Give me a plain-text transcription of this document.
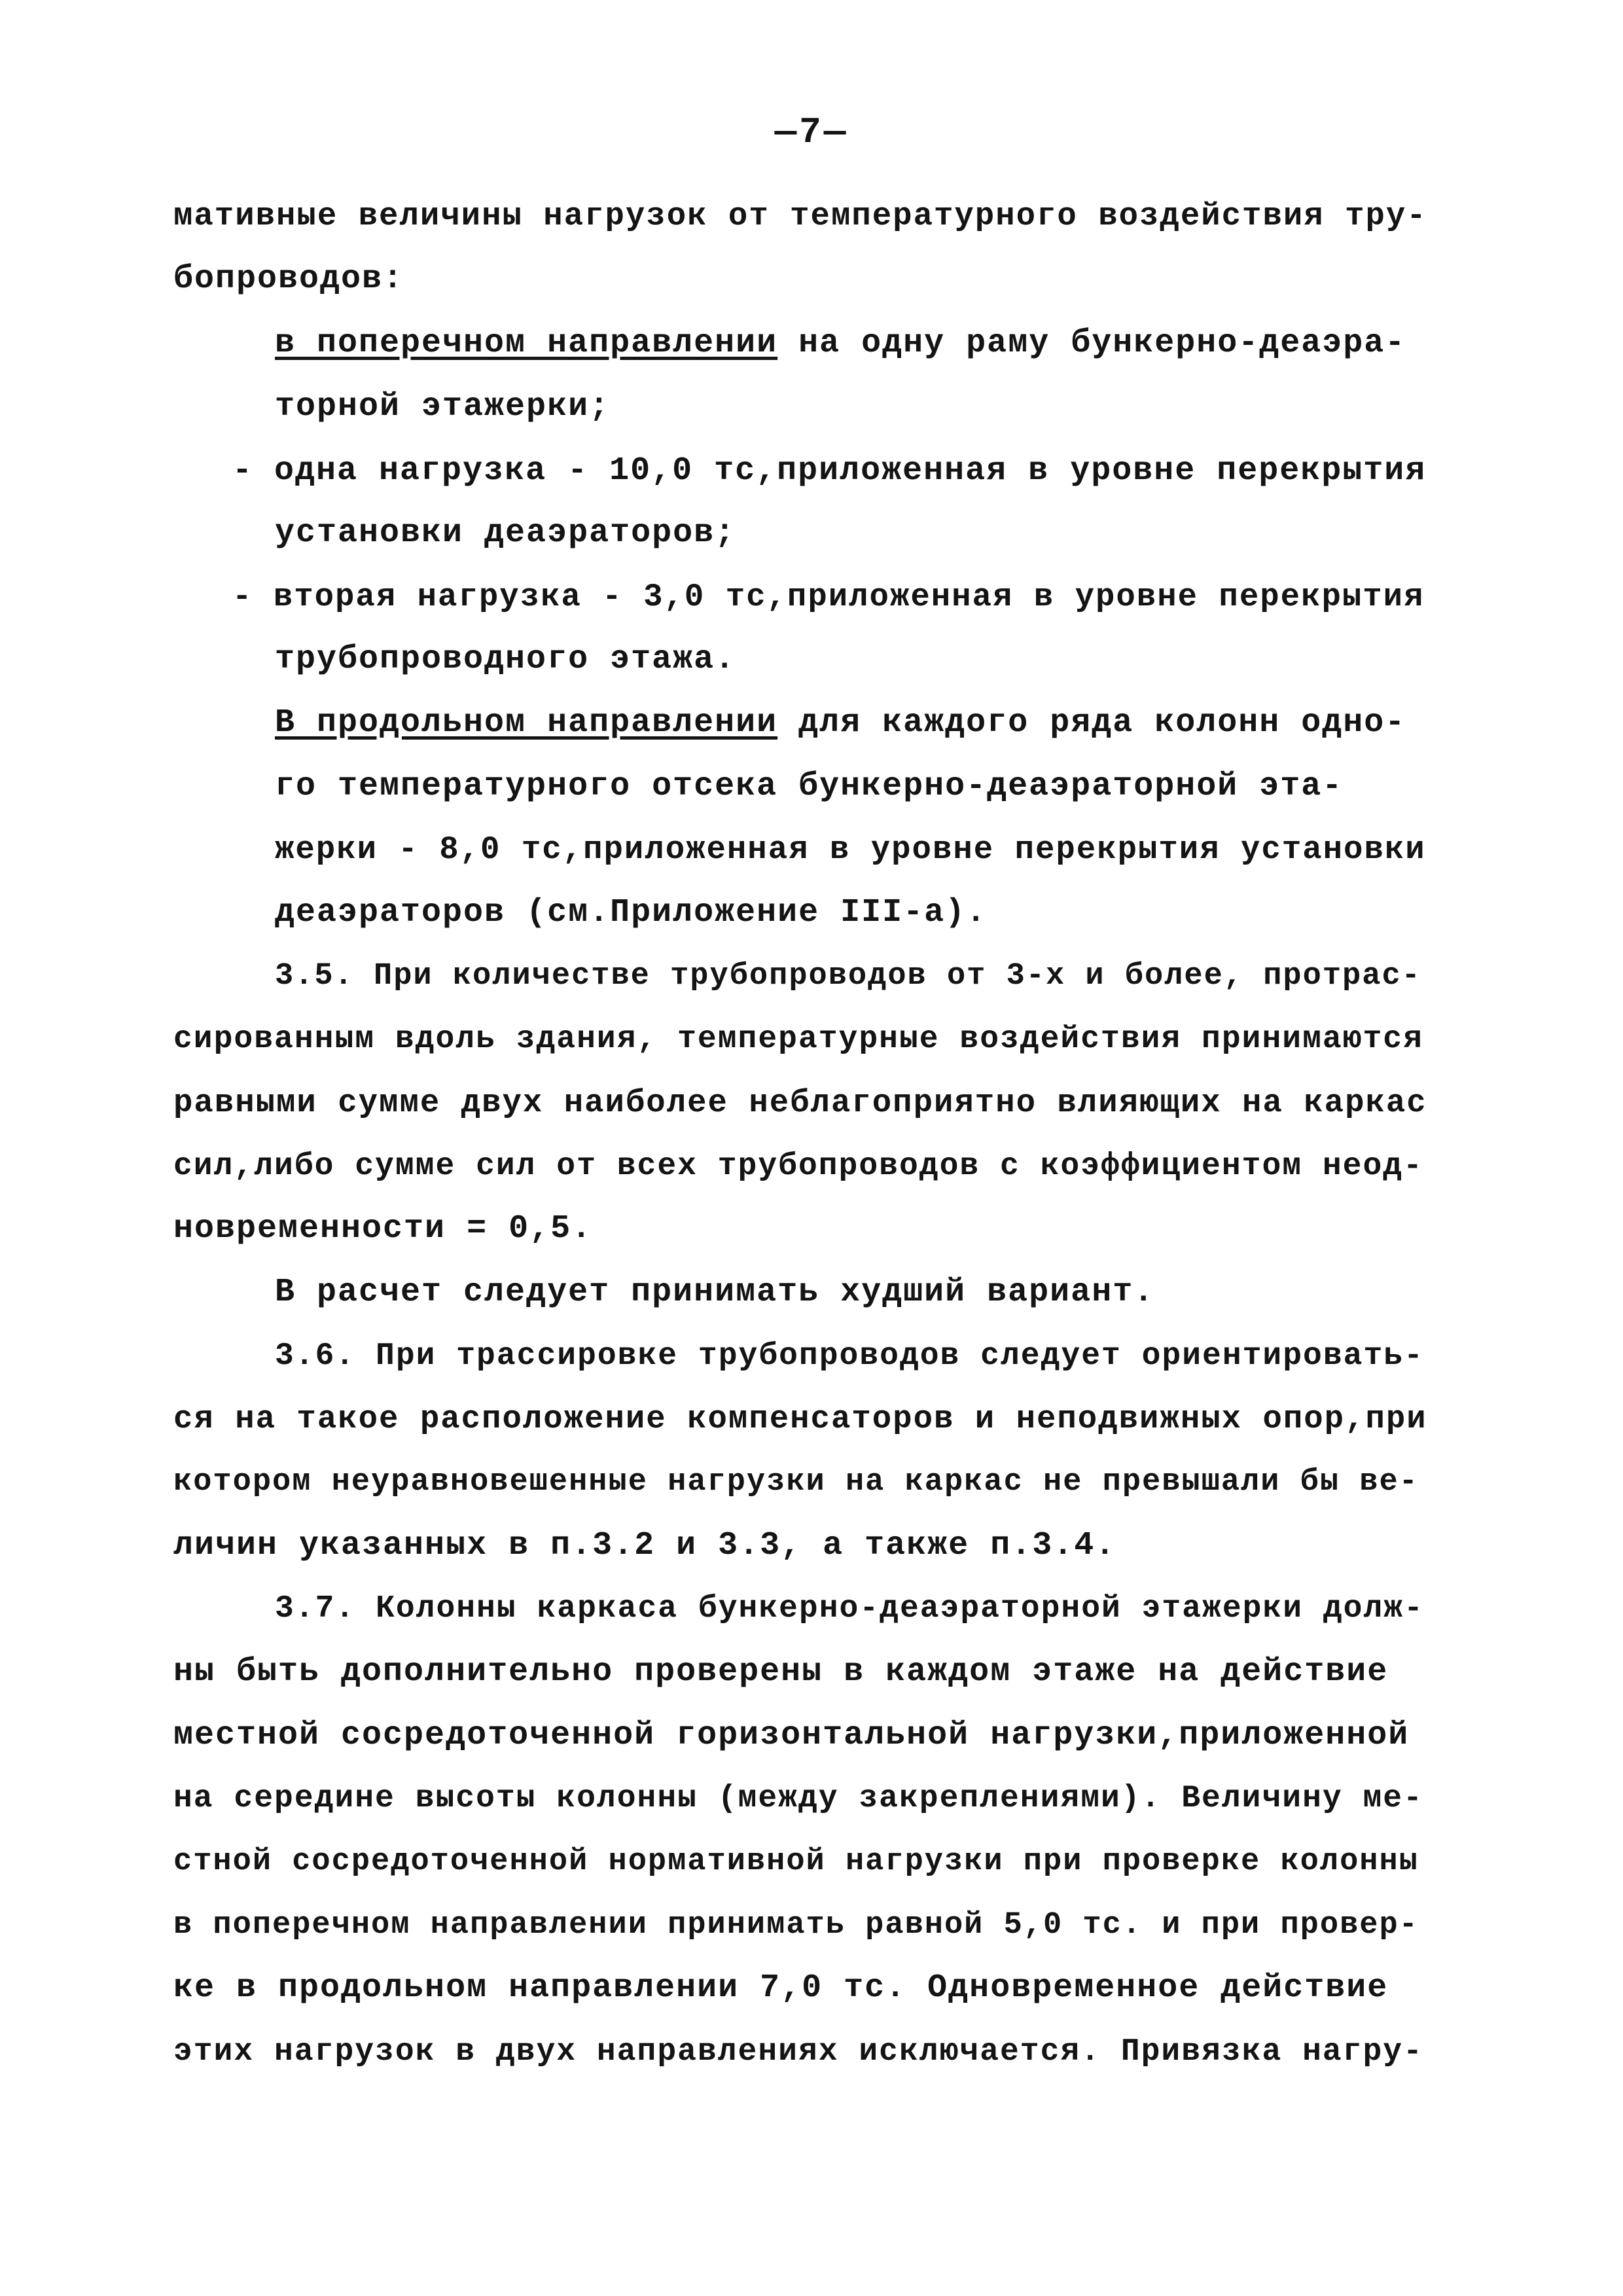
—7—
мативные величины нагрузок от температурного воздействия тру-
бопроводов:
в поперечном направлении на одну раму бункерно-деаэра-
торной этажерки;
- одна нагрузка - 10,0 тс,приложенная в уровне перекрытия
установки деаэраторов;
- вторая нагрузка - 3,0 тс,приложенная в уровне перекрытия
трубопроводного этажа.
В продольном направлении для каждого ряда колонн одно-
го температурного отсека бункерно-деаэраторной эта-
жерки - 8,0 тс,приложенная в уровне перекрытия установки
деаэраторов (см.Приложение III-а).
3.5. При количестве трубопроводов от 3-х и более, протрас-
сированным вдоль здания, температурные воздействия принимаются
равными сумме двух наиболее неблагоприятно влияющих на каркас
сил,либо сумме сил от всех трубопроводов с коэффициентом неод-
новременности = 0,5.
В расчет следует принимать худший вариант.
3.6. При трассировке трубопроводов следует ориентировать-
ся на такое расположение компенсаторов и неподвижных опор,при
котором неуравновешенные нагрузки на каркас не превышали бы ве-
личин указанных в п.3.2 и 3.3, а также п.3.4.
3.7. Колонны каркаса бункерно-деаэраторной этажерки долж-
ны быть дополнительно проверены в каждом этаже на действие
местной сосредоточенной горизонтальной нагрузки,приложенной
на середине высоты колонны (между закреплениями). Величину ме-
стной сосредоточенной нормативной нагрузки при проверке колонны
в поперечном направлении принимать равной 5,0 тс. и при провер-
ке в продольном направлении 7,0 тс. Одновременное действие
этих нагрузок в двух направлениях исключается. Привязка нагру-
